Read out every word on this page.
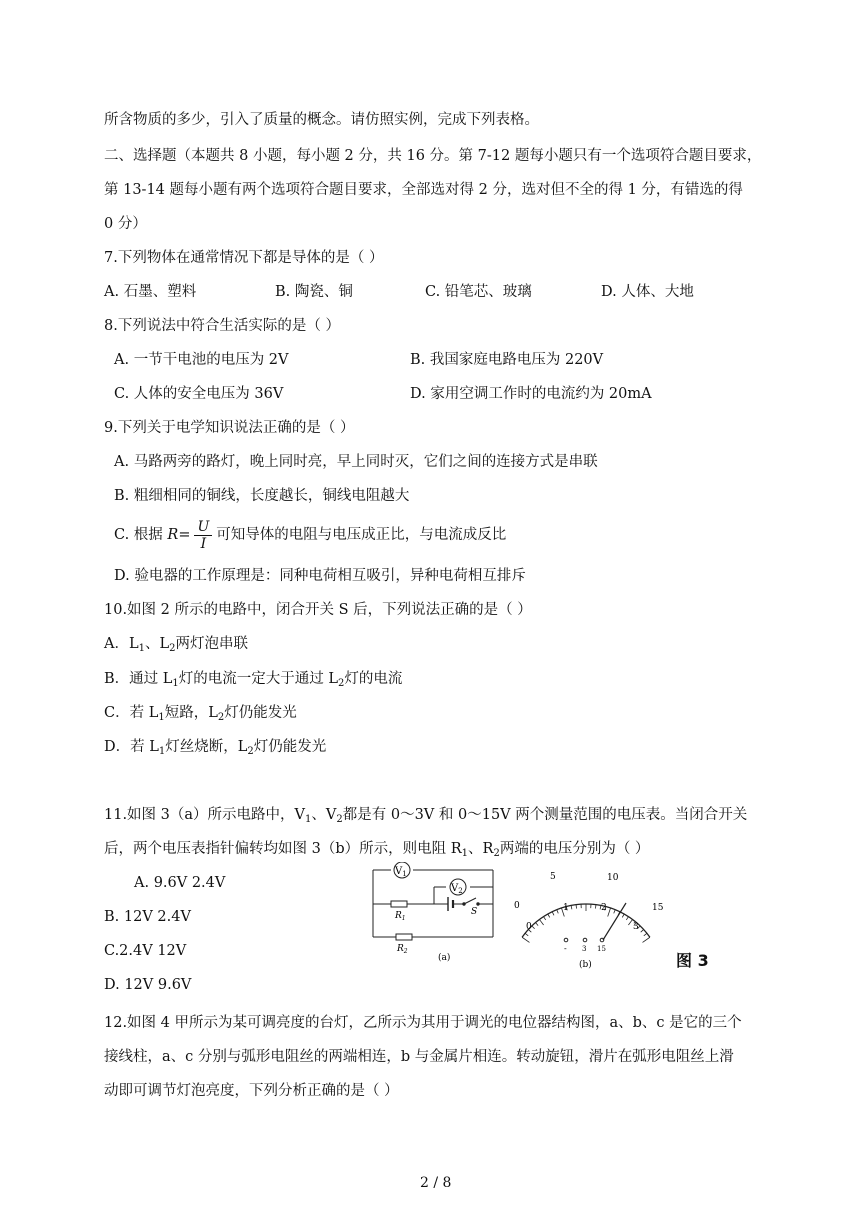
所含物质的多少，引入了质量的概念。请仿照实例，完成下列表格。
二、选择题（本题共 8 小题，每小题 2 分，共 16 分。第 7-12 题每小题只有一个选项符合题目要求，
第 13-14 题每小题有两个选项符合题目要求，全部选对得 2 分，选对但不全的得 1 分，有错选的得
0 分）
7.下列物体在通常情况下都是导体的是（ ）
A. 石墨、塑料	B. 陶瓷、铜	C. 铅笔芯、玻璃	D. 人体、大地
8.下列说法中符合生活实际的是（ ）
A. 一节干电池的电压为 2V	B. 我国家庭电路电压为 220V
C. 人体的安全电压为 36V	D. 家用空调工作时的电流约为 20mA
9.下列关于电学知识说法正确的是（ ）
A. 马路两旁的路灯，晚上同时亮，早上同时灭，它们之间的连接方式是串联
B. 粗细相同的铜线，长度越长，铜线电阻越大
C. 根据 $R= \frac{U}{I}$ 可知导体的电阻与电压成正比，与电流成反比
D. 验电器的工作原理是：同种电荷相互吸引，异种电荷相互排斥
10.如图 2 所示的电路中，闭合开关 S 后，下列说法正确的是（ ）
A．$L_1$、$L_2$两灯泡串联
B．通过 $L_1$灯的电流一定大于通过 $L_2$灯的电流
C．若 $L_1$短路，$L_2$灯仍能发光
D．若 $L_1$灯丝烧断，$L_2$灯仍能发光
11.如图 3（a）所示电路中，$V_1$、$V_2$都是有 0～3V 和 0～15V 两个测量范围的电压表。当闭合开关
后，两个电压表指针偏转均如图 3（b）所示，则电阻 $R_1$、$R_2$两端的电压分别为（ ）
A. 9.6V 2.4V
B. 12V 2.4V
C.2.4V 12V
D. 12V 9.6V
$V_1$
$V_2$
$R_1$
$R_2$
S
(a)
0
5	10
15
0
1	2
3
- 3 15
(b)	图 3
12.如图 4 甲所示为某可调亮度的台灯，乙所示为其用于调光的电位器结构图，a、b、c 是它的三个
接线柱，a、c 分别与弧形电阻丝的两端相连，b 与金属片相连。转动旋钮，滑片在弧形电阻丝上滑
动即可调节灯泡亮度，下列分析正确的是（ ）
2 / 8
